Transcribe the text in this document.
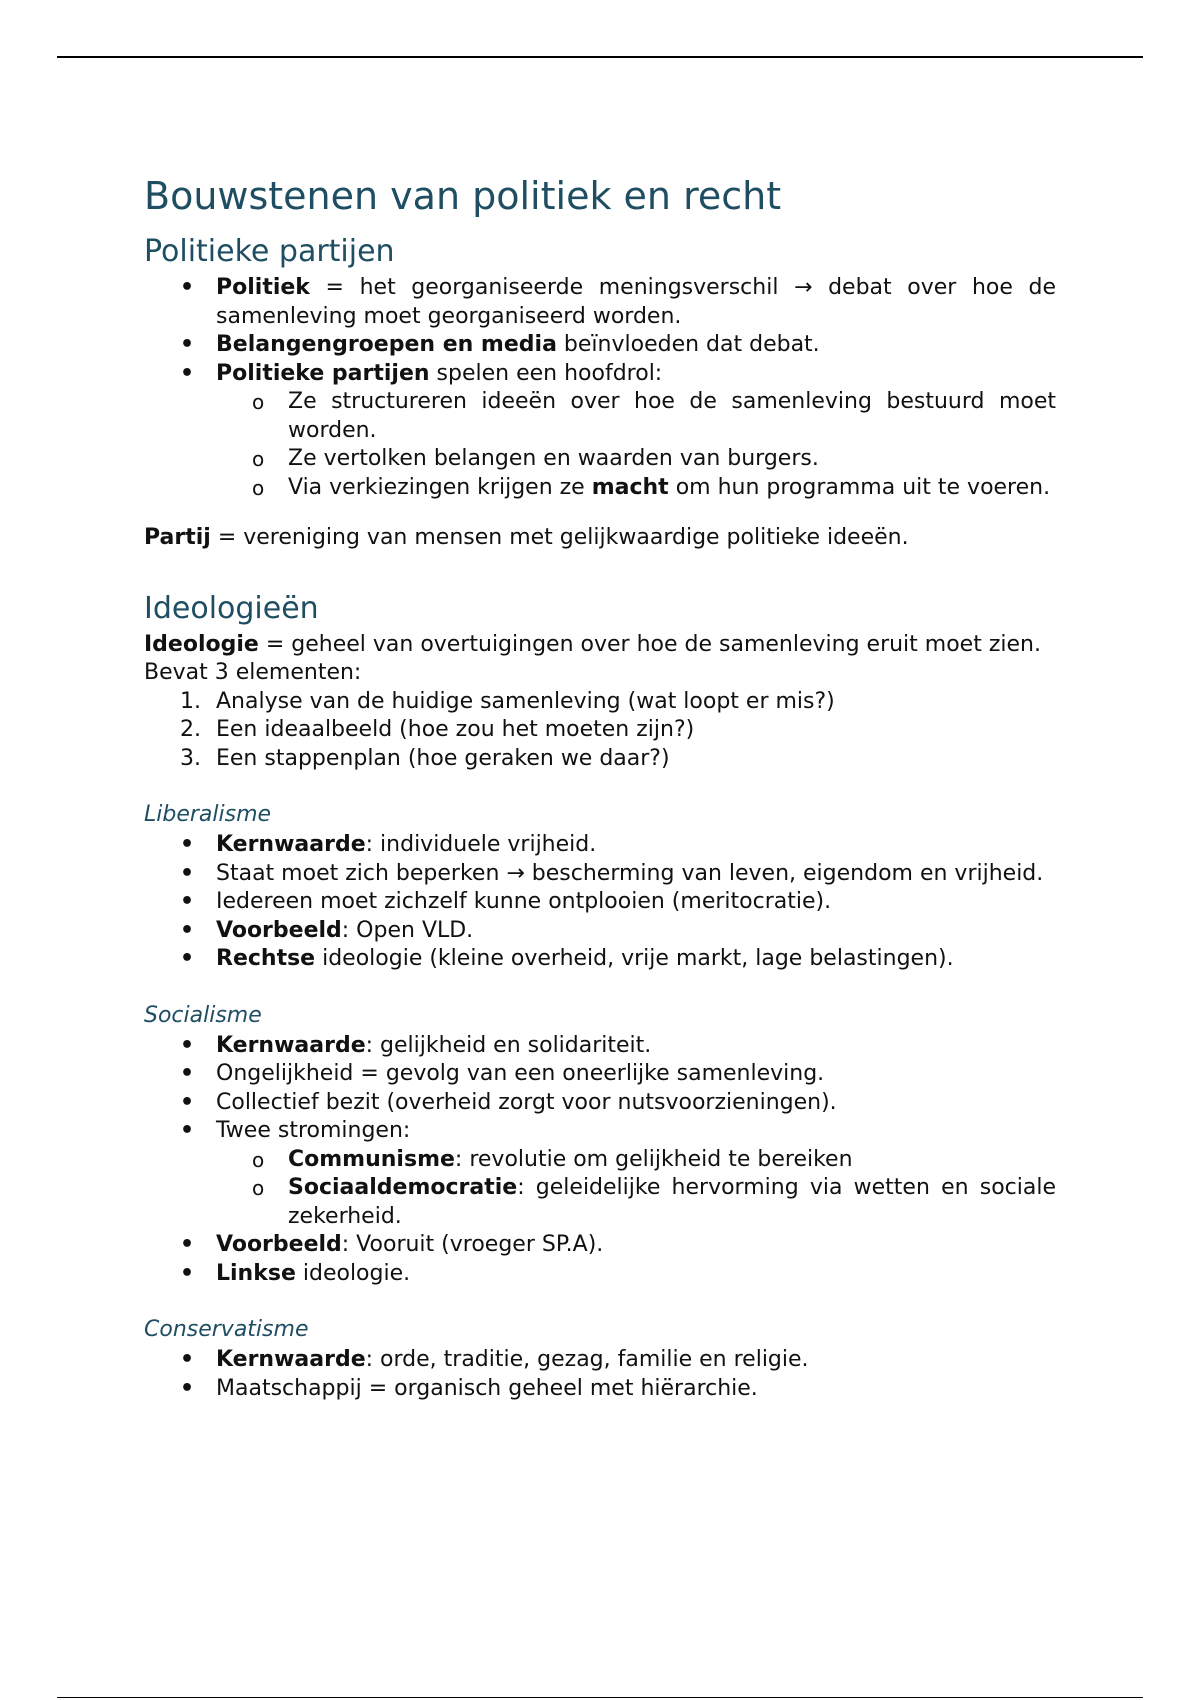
Bouwstenen van politiek en recht
Politieke partijen
• Politiek = het georganiseerde meningsverschil → debat over hoe de samenleving moet georganiseerd worden.
• Belangengroepen en media beïnvloeden dat debat.
• Politieke partijen spelen een hoofdrol:
o Ze structureren ideeën over hoe de samenleving bestuurd moet worden.
o Ze vertolken belangen en waarden van burgers.
o Via verkiezingen krijgen ze macht om hun programma uit te voeren.

Partij = vereniging van mensen met gelijkwaardige politieke ideeën.

Ideologieën

Ideologie = geheel van overtuigingen over hoe de samenleving eruit moet zien.

Bevat 3 elementen:

1. Analyse van de huidige samenleving (wat loopt er mis?)
2. Een ideaalbeeld (hoe zou het moeten zijn?)
3. Een stappenplan (hoe geraken we daar?)
Liberalisme
• Kernwaarde: individuele vrijheid.
• Staat moet zich beperken → bescherming van leven, eigendom en vrijheid.
• Iedereen moet zichzelf kunne ontplooien (meritocratie).
• Voorbeeld: Open VLD.
• Rechtse ideologie (kleine overheid, vrije markt, lage belastingen).
Socialisme
• Kernwaarde: gelijkheid en solidariteit.
• Ongelijkheid = gevolg van een oneerlijke samenleving.
• Collectief bezit (overheid zorgt voor nutsvoorzieningen).
• Twee stromingen:
o Communisme: revolutie om gelijkheid te bereiken
o Sociaaldemocratie: geleidelijke hervorming via wetten en sociale zekerheid.
• Voorbeeld: Vooruit (vroeger SP.A).
• Linkse ideologie.
Conservatisme
• Kernwaarde: orde, traditie, gezag, familie en religie.
• Maatschappij = organisch geheel met hiërarchie.
